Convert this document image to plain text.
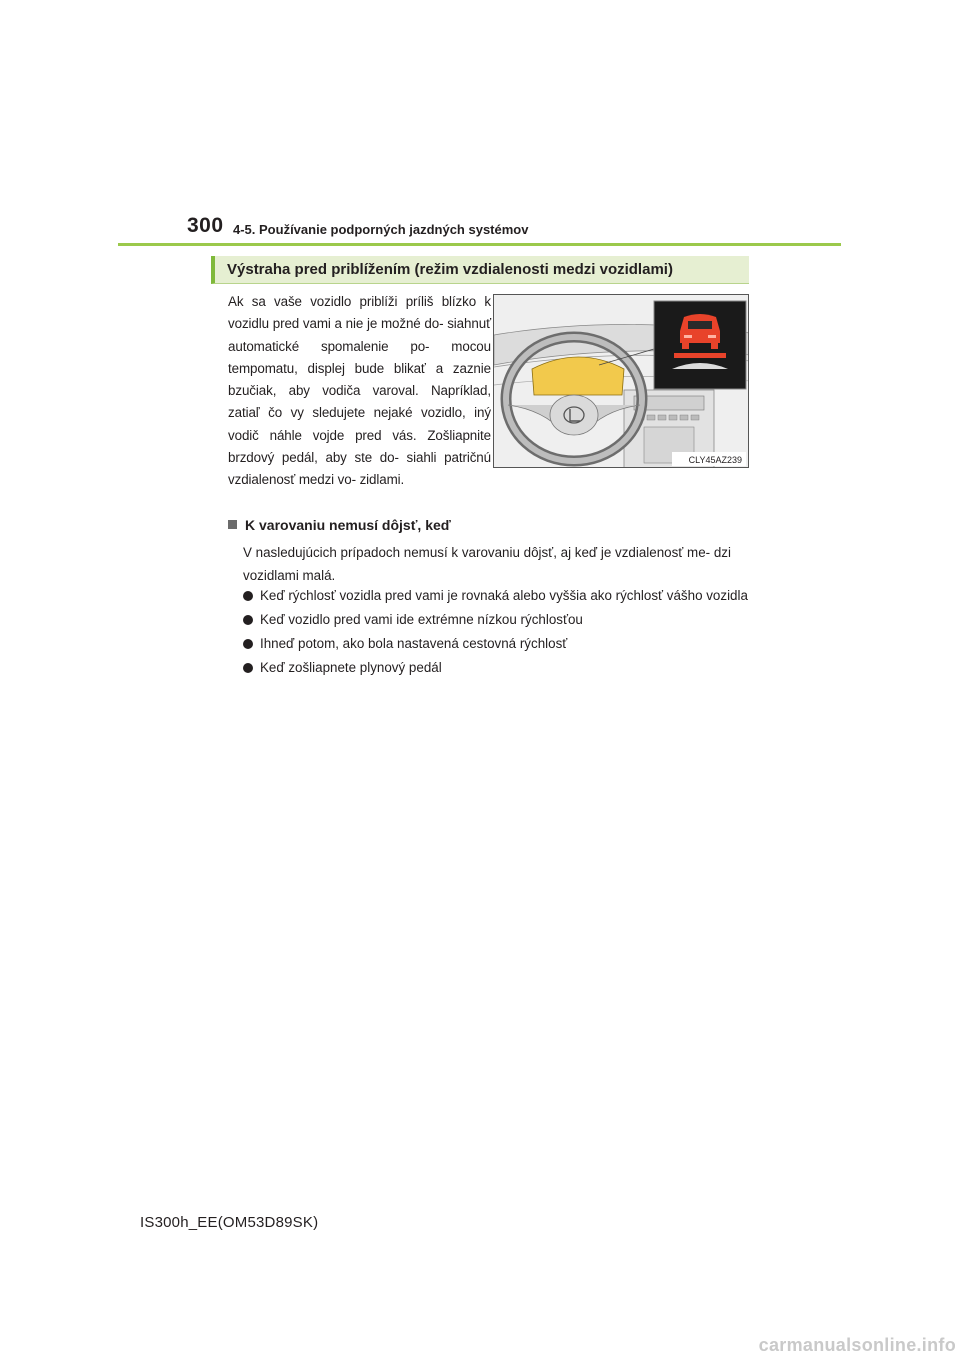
300 4-5. Používanie podporných jazdných systémov
Výstraha pred priblížením (režim vzdialenosti medzi vozidlami)
Ak sa vaše vozidlo priblíži príliš blízko k vozidlu pred vami a nie je možné do- siahnuť automatické spomalenie po- mocou tempomatu, displej bude blikať a zaznie bzučiak, aby vodiča varoval. Napríklad, zatiaľ čo vy sledujete nejaké vozidlo, iný vodič náhle vojde pred vás. Zošliapnite brzdový pedál, aby ste do- siahli patričnú vzdialenosť medzi vo- zidlami.
CLY45AZ239
K varovaniu nemusí dôjsť, keď
V nasledujúcich prípadoch nemusí k varovaniu dôjsť, aj keď je vzdialenosť me- dzi vozidlami malá.
Keď rýchlosť vozidla pred vami je rovnaká alebo vyššia ako rýchlosť vášho vozidla
Keď vozidlo pred vami ide extrémne nízkou rýchlosťou
Ihneď potom, ako bola nastavená cestovná rýchlosť
Keď zošliapnete plynový pedál
IS300h_EE(OM53D89SK)
carmanualsonline.info
